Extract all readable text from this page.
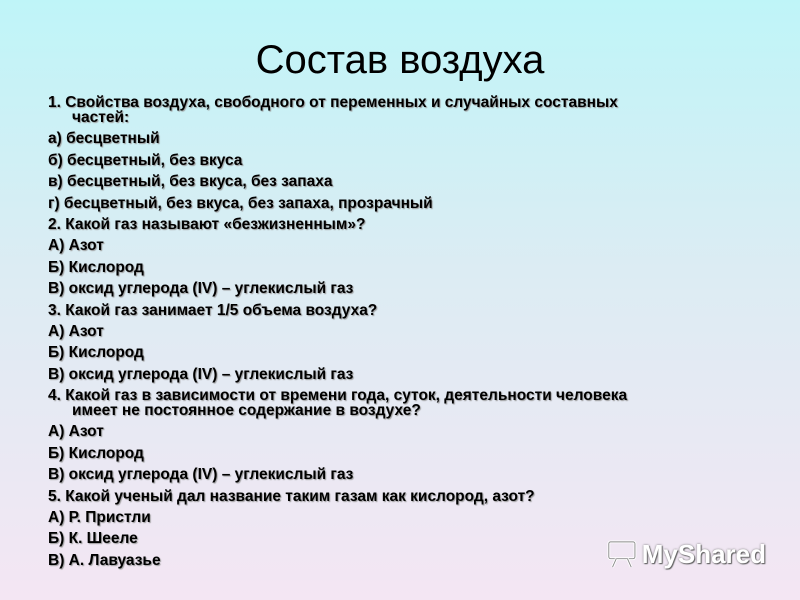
Состав воздуха
1. Свойства воздуха, свободного от переменных и случайных составных
частей:
а) бесцветный
б) бесцветный, без вкуса
в) бесцветный, без вкуса, без запаха
г) бесцветный, без вкуса, без запаха, прозрачный
2. Какой газ называют «безжизненным»?
А) Азот
Б) Кислород
В) оксид углерода (IV) – углекислый газ
3. Какой газ занимает 1/5 объема воздуха?
А) Азот
Б) Кислород
В) оксид углерода (IV) – углекислый газ
4. Какой газ в зависимости от времени года, суток, деятельности человека
имеет не постоянное содержание в воздухе?
А) Азот
Б) Кислород
В) оксид углерода (IV) – углекислый газ
5. Какой ученый дал название таким газам как кислород, азот?
А) Р. Пристли
Б) К. Шееле
В) А. Лавуазье	MyShared
